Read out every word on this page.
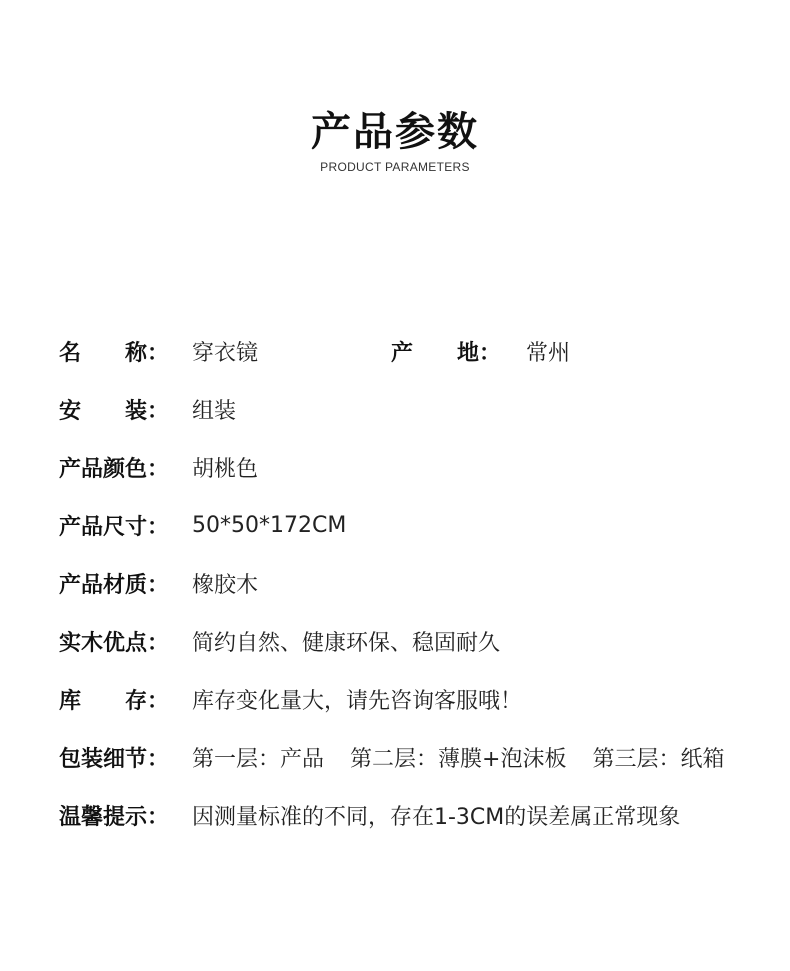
产品参数
PRODUCT PARAMETERS
名　　称：	穿衣镜	产　　地：	常州
安　　装：	组装
产品颜色：	胡桃色
产品尺寸：	50*50*172CM
产品材质：	橡胶木
实木优点：	简约自然、健康环保、稳固耐久
库　　存：	库存变化量大，请先咨询客服哦！
包装细节：	第一层：产品 第二层：薄膜+泡沫板 第三层：纸箱
温馨提示：	因测量标准的不同，存在1-3CM的误差属正常现象
